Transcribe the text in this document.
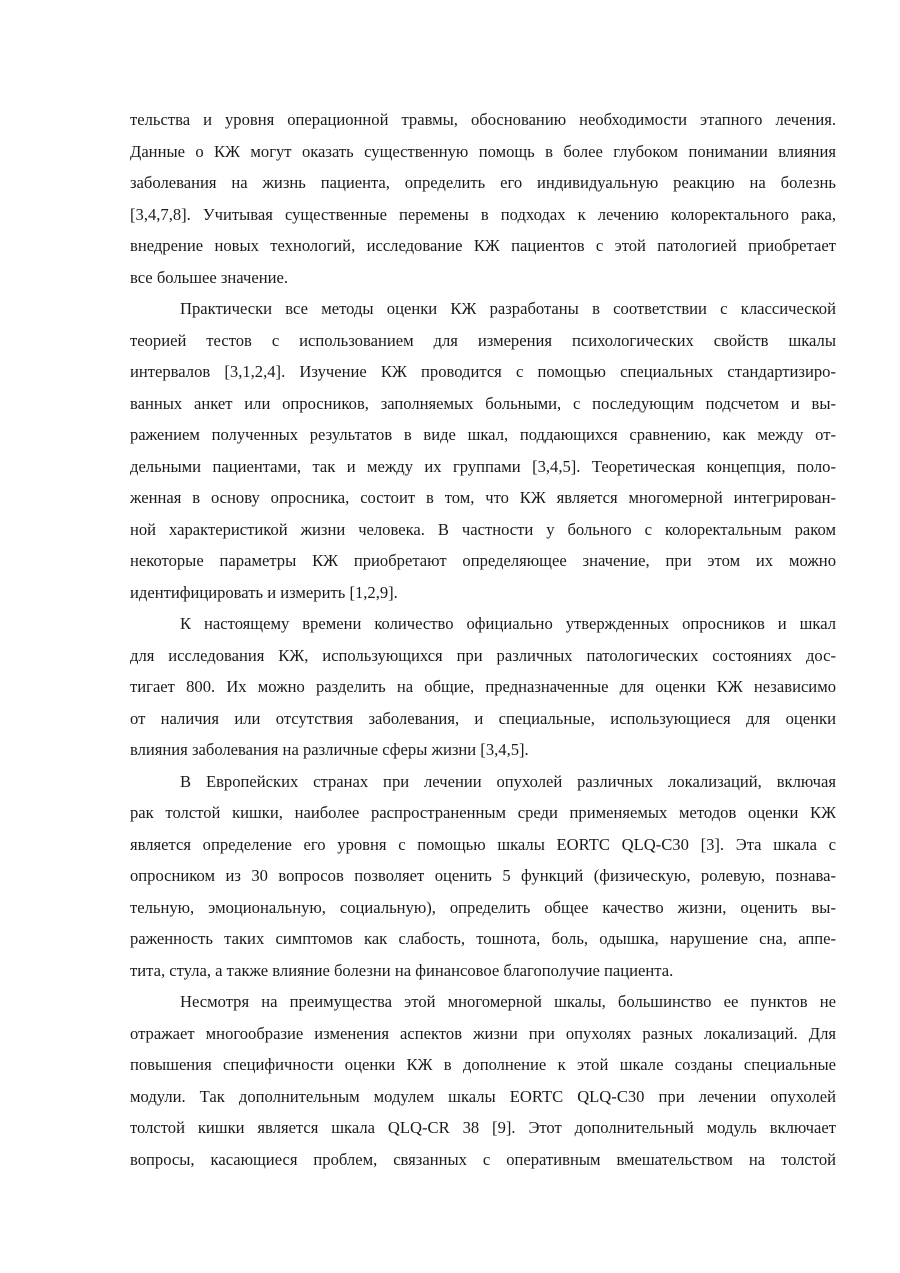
тельства и уровня операционной травмы, обоснованию необходимости этапного лечения.
Данные о КЖ могут оказать существенную помощь в более глубоком понимании влияния
заболевания на жизнь пациента, определить его индивидуальную реакцию на болезнь
[3,4,7,8]. Учитывая существенные перемены в подходах к лечению колоректального рака,
внедрение новых технологий, исследование КЖ пациентов с этой патологией приобретает
все большее значение.
Практически все методы оценки КЖ разработаны в соответствии с классической
теорией тестов с использованием для измерения психологических свойств шкалы
интервалов [3,1,2,4]. Изучение КЖ проводится с помощью специальных стандартизиро-
ванных анкет или опросников, заполняемых больными, с последующим подсчетом и вы-
ражением полученных результатов в виде шкал, поддающихся сравнению, как между от-
дельными пациентами, так и между их группами [3,4,5]. Теоретическая концепция, поло-
женная в основу опросника, состоит в том, что КЖ является многомерной интегрирован-
ной характеристикой жизни человека. В частности у больного с колоректальным раком
некоторые параметры КЖ приобретают определяющее значение, при этом их можно
идентифицировать и измерить [1,2,9].
К настоящему времени количество официально утвержденных опросников и шкал
для исследования КЖ, использующихся при различных патологических состояниях дос-
тигает 800. Их можно разделить на общие, предназначенные для оценки КЖ независимо
от наличия или отсутствия заболевания, и специальные, использующиеся для оценки
влияния заболевания на различные сферы жизни [3,4,5].
В Европейских странах при лечении опухолей различных локализаций, включая
рак толстой кишки, наиболее распространенным среди применяемых методов оценки КЖ
является определение его уровня с помощью шкалы EORTC QLQ-C30 [3]. Эта шкала с
опросником из 30 вопросов позволяет оценить 5 функций (физическую, ролевую, познава-
тельную, эмоциональную, социальную), определить общее качество жизни, оценить вы-
раженность таких симптомов как слабость, тошнота, боль, одышка, нарушение сна, аппе-
тита, стула, а также влияние болезни на финансовое благополучие пациента.
Несмотря на преимущества этой многомерной шкалы, большинство ее пунктов не
отражает многообразие изменения аспектов жизни при опухолях разных локализаций. Для
повышения специфичности оценки КЖ в дополнение к этой шкале созданы специальные
модули. Так дополнительным модулем шкалы EORTC QLQ-C30 при лечении опухолей
толстой кишки является шкала QLQ-CR 38 [9]. Этот дополнительный модуль включает
вопросы, касающиеся проблем, связанных с оперативным вмешательством на толстой
